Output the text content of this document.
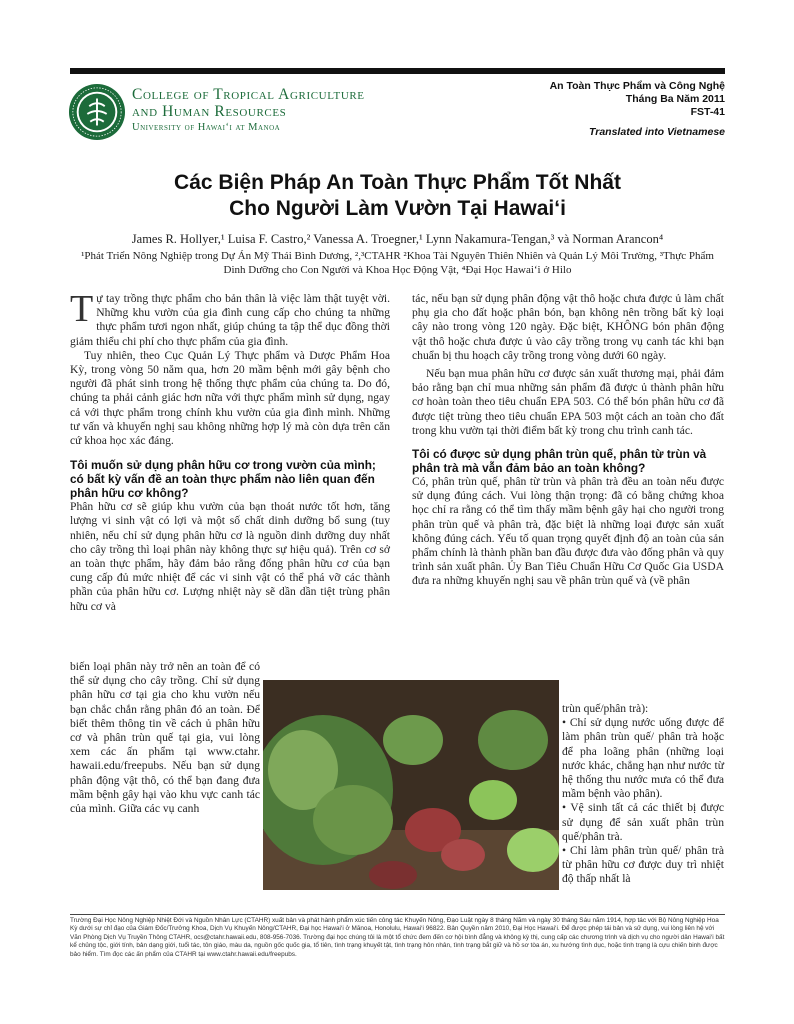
College of Tropical Agriculture
and Human Resources
University of Hawai‘i at Manoa
An Toàn Thực Phẩm và Công Nghệ
Tháng Ba Năm 2011
FST-41
Translated into Vietnamese
Các Biện Pháp An Toàn Thực Phẩm Tốt Nhất
Cho Người Làm Vườn Tại Hawai‘i
James R. Hollyer,¹ Luisa F. Castro,² Vanessa A. Troegner,¹ Lynn Nakamura-Tengan,³ và Norman Arancon⁴
¹Phát Triển Nông Nghiệp trong Dự Án Mỹ Thái Bình Dương, ²,³CTAHR ²Khoa Tài Nguyên Thiên Nhiên và Quản Lý Môi Trường, ³Thực Phẩm Dinh Dưỡng cho Con Người và Khoa Học Động Vật, ⁴Đại Học Hawai‘i ở Hilo

Tự tay trồng thực phẩm cho bản thân là việc làm thật tuyệt vời. Những khu vườn của gia đình cung cấp cho chúng ta những thực phẩm tươi ngon nhất, giúp chúng ta tập thể dục đồng thời giảm thiểu chi phí cho thực phẩm của gia đình.

Tuy nhiên, theo Cục Quản Lý Thực phẩm và Dược Phẩm Hoa Kỳ, trong vòng 50 năm qua, hơn 20 mầm bệnh mới gây bệnh cho người đã phát sinh trong hệ thống thực phẩm của chúng ta. Do đó, chúng ta phải cảnh giác hơn nữa với thực phẩm mình sử dụng, ngay cả với thực phẩm trong chính khu vườn của gia đình mình. Những tư vấn và khuyến nghị sau không những hợp lý mà còn dựa trên căn cứ khoa học xác đáng.

Tôi muốn sử dụng phân hữu cơ trong vườn của mình; có bất kỳ vấn đề an toàn thực phẩm nào liên quan đến phân hữu cơ không?

Phân hữu cơ sẽ giúp khu vườn của bạn thoát nước tốt hơn, tăng lượng vi sinh vật có lợi và một số chất dinh dưỡng bổ sung (tuy nhiên, nếu chỉ sử dụng phân hữu cơ là nguồn dinh dưỡng duy nhất cho cây trồng thì loại phân này không thực sự hiệu quả). Trên cơ sở an toàn thực phẩm, hãy đảm bảo rằng đống phân hữu cơ của bạn cung cấp đủ mức nhiệt để các vi sinh vật có thể phá vỡ các thành phần của phân hữu cơ. Lượng nhiệt này sẽ dần dần tiệt trùng phân hữu cơ và

biến loại phân này trở nên an toàn để có thể sử dụng cho cây trồng. Chỉ sử dụng phân hữu cơ tại gia cho khu vườn nếu bạn chắc chắn rằng phân đó an toàn. Để biết thêm thông tin về cách ủ phân hữu cơ và phân trùn quế tại gia, vui lòng xem các ấn phẩm tại www.ctahr. hawaii.edu/freepubs. Nếu bạn sử dụng phân động vật thô, có thể bạn đang đưa mầm bệnh gây hại vào khu vực canh tác của mình. Giữa các vụ canh

tác, nếu bạn sử dụng phân động vật thô hoặc chưa được ủ làm chất phụ gia cho đất hoặc phân bón, bạn không nên trồng bất kỳ loại cây nào trong vòng 120 ngày. Đặc biệt, KHÔNG bón phân động vật thô hoặc chưa được ủ vào cây trồng trong vụ canh tác khi bạn chuẩn bị thu hoạch cây trồng trong vòng dưới 60 ngày.

Nếu bạn mua phân hữu cơ được sản xuất thương mại, phải đảm bảo rằng bạn chỉ mua những sản phẩm đã được ủ thành phân hữu cơ hoàn toàn theo tiêu chuẩn EPA 503. Có thể bón phân hữu cơ đã được tiệt trùng theo tiêu chuẩn EPA 503 một cách an toàn cho đất trong khu vườn tại thời điểm bất kỳ trong chu trình canh tác.

Tôi có được sử dụng phân trùn quế, phân từ trùn và phân trà mà vẫn đảm bảo an toàn không?

Có, phân trùn quế, phân từ trùn và phân trà đều an toàn nếu được sử dụng đúng cách. Vui lòng thận trọng: đã có bằng chứng khoa học chỉ ra rằng có thể tìm thấy mầm bệnh gây hại cho người trong phân trùn quế và phân trà, đặc biệt là những loại được sản xuất không đúng cách. Yếu tố quan trọng quyết định độ an toàn của sản phẩm chính là thành phần ban đầu được đưa vào đống phân và quy trình sản xuất phân. Ủy Ban Tiêu Chuẩn Hữu Cơ Quốc Gia USDA đưa ra những khuyến nghị sau về phân trùn quế và (về phân

trùn quế/phân trà):

• Chỉ sử dụng nước uống được để làm phân trùn quế/ phân trà hoặc để pha loãng phân (những loại nước khác, chẳng hạn như nước từ hệ thống thu nước mưa có thể đưa mầm bệnh vào phân).

• Vệ sinh tất cả các thiết bị được sử dụng để sản xuất phân trùn quế/phân trà.

• Chỉ làm phân trùn quế/ phân trà từ phân hữu cơ được duy trì nhiệt độ thấp nhất là

Trường Đại Học Nông Nghiệp Nhiệt Đới và Nguồn Nhân Lực (CTAHR) xuất bản và phát hành phẩm xúc tiến công tác Khuyến Nông, Đạo Luật ngày 8 tháng Năm và ngày 30 tháng Sáu năm 1914, hợp tác với Bộ Nông Nghiệp Hoa Kỳ dưới sự chỉ đạo của Giám Đốc/Trưởng Khoa, Dịch Vụ Khuyến Nông/CTAHR, Đại học Hawai‘i ở Mānoa, Honolulu, Hawai‘i 96822. Bản Quyền năm 2010, Đại Học Hawai‘i. Để được phép tái bản và sử dụng, vui lòng liên hệ với Văn Phòng Dịch Vụ Truyền Thông CTAHR, ocs@ctahr.hawaii.edu, 808-956-7036. Trường đại học chúng tôi là một tổ chức đem đến cơ hội bình đẳng và không kỳ thị, cung cấp các chương trình và dịch vụ cho người dân Hawai‘i bất kể chủng tộc, giới tính, bản dạng giới, tuổi tác, tôn giáo, màu da, nguồn gốc quốc gia, tổ tiên, tình trạng khuyết tật, tình trạng hôn nhân, tình trạng bắt giữ và hồ sơ tòa án, xu hướng tình dục, hoặc tình trạng là cựu chiến binh được bảo hiểm. Tìm đọc các ấn phẩm của CTAHR tại www.ctahr.hawaii.edu/freepubs.
